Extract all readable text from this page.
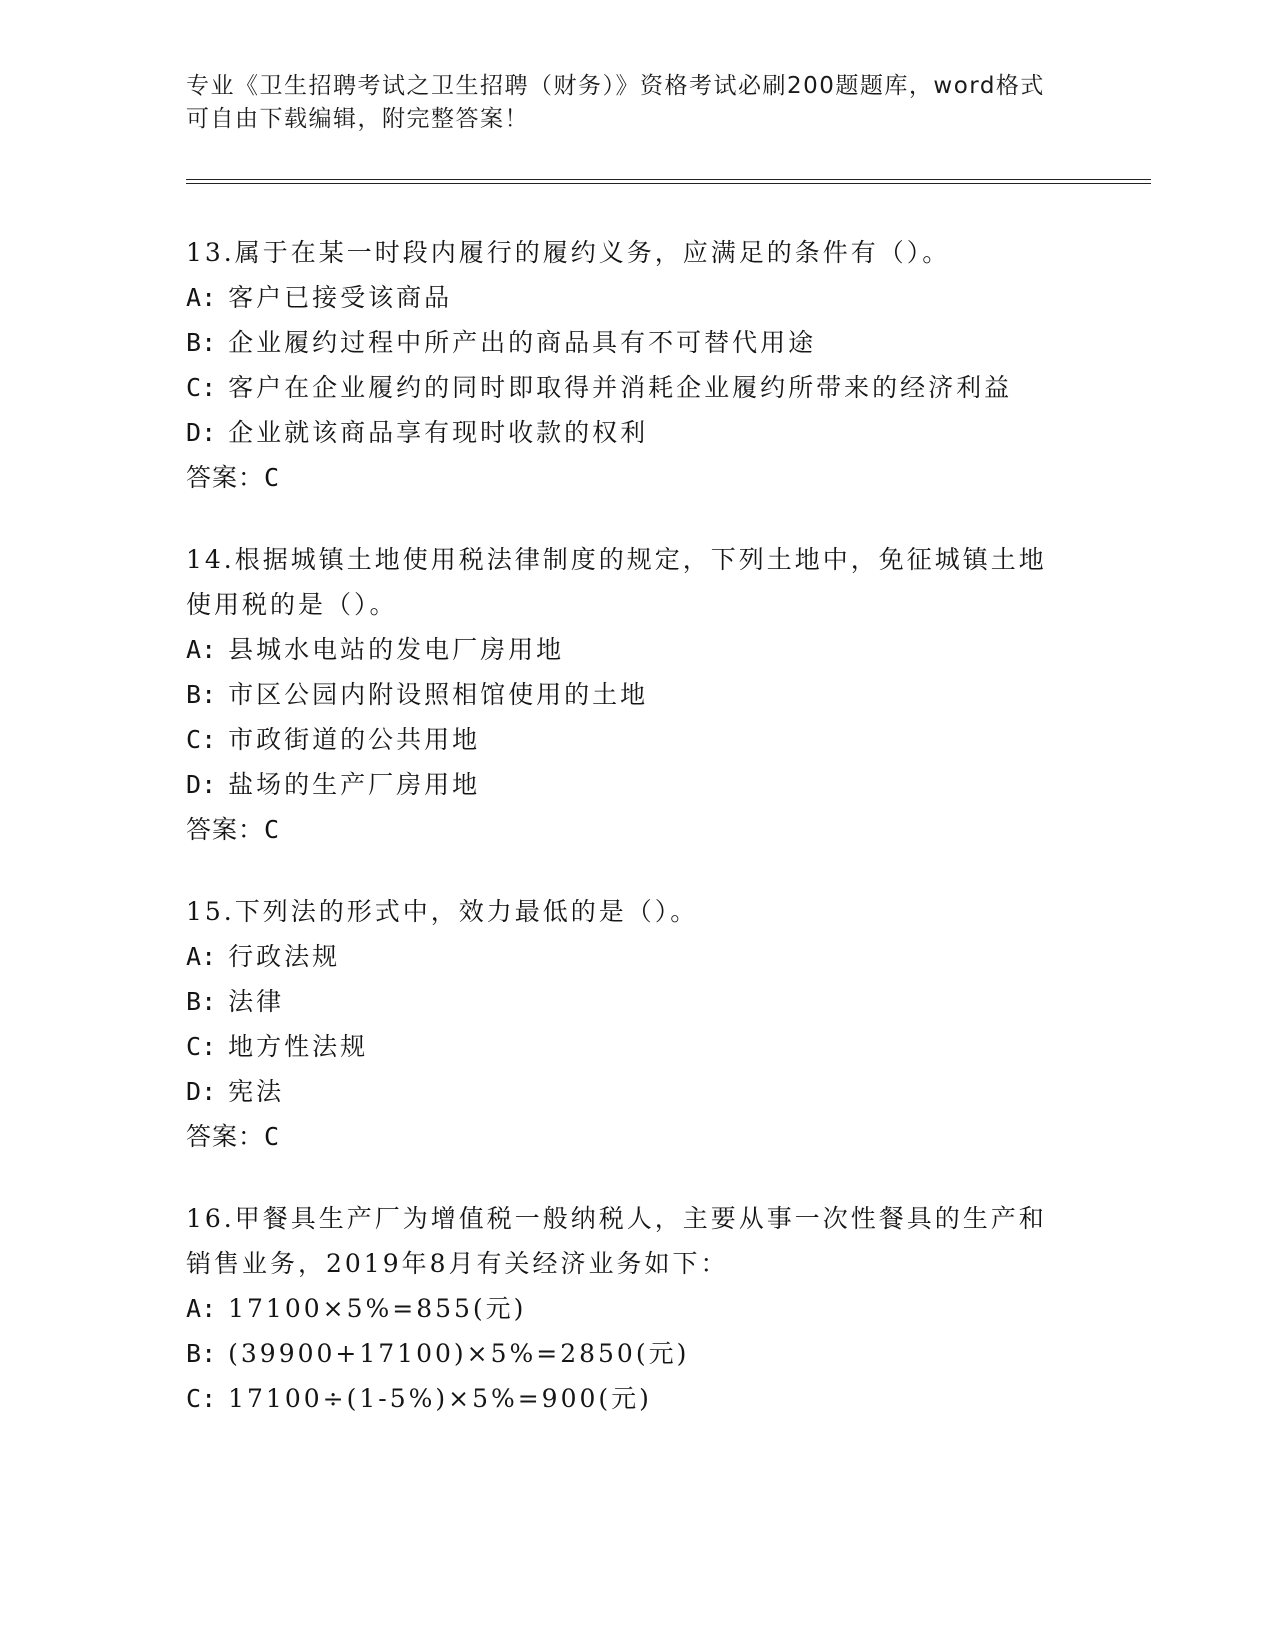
专业《卫生招聘考试之卫生招聘（财务）》资格考试必刷200题题库，word格式
可自由下载编辑，附完整答案！
13.属于在某一时段内履行的履约义务，应满足的条件有（）。
A : 客户已接受该商品
B : 企业履约过程中所产出的商品具有不可替代用途
C : 客户在企业履约的同时即取得并消耗企业履约所带来的经济利益
D : 企业就该商品享有现时收款的权利
答案：C
14.根据城镇土地使用税法律制度的规定，下列土地中，免征城镇土地
使用税的是（）。
A : 县城水电站的发电厂房用地
B : 市区公园内附设照相馆使用的土地
C : 市政街道的公共用地
D : 盐场的生产厂房用地
答案：C
15.下列法的形式中，效力最低的是（）。
A : 行政法规
B : 法律
C : 地方性法规
D : 宪法
答案：C
16.甲餐具生产厂为增值税一般纳税人，主要从事一次性餐具的生产和
销售业务，2019年8月有关经济业务如下：
A : 17100×5%=855(元)
B : (39900+17100)×5%=2850(元)
C : 17100÷(1-5%)×5%=900(元)
